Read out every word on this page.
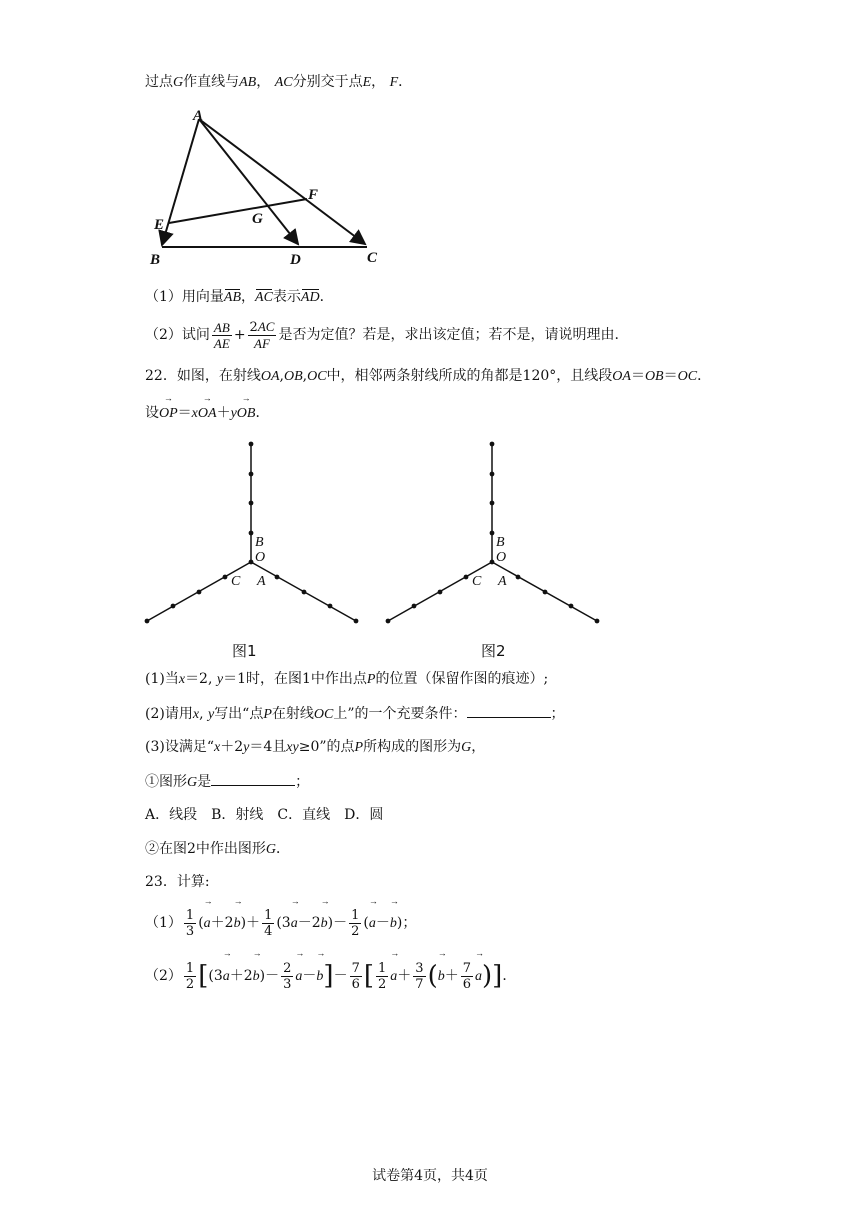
过点G作直线与AB， AC分别交于点E， F．
A
F
E	G
B	D	C
（1）用向量AB，AC表示AD．
（2）试问 $\frac{AB}{AE} + \frac{2AC}{AF}$ 是否为定值？若是，求出该定值；若不是，请说明理由.
22．如图，在射线OA,OB,OC中，相邻两条射线所成的角都是120°，且线段OA＝OB＝OC．
设OP →＝xOA →＋yOB →．
B
O
C A
图1
B
O
C A
图2
(1)当x＝2, y＝1时，在图1中作出点P的位置（保留作图的痕迹）;
(2)请用x, y写出“点P在射线OC上”的一个充要条件：	；
(3)设满足“x＋2y＝4且xy≥0”的点P所构成的图形为G，
①图形G是	；
A．线段　B．射线　C．直线　D．圆
②在图2中作出图形G．
23．计算:
$(1) \frac{1}{3} (a \to+2b$ →)＋ $\frac{1}{4} (3a \to-2b$ →)－ $\frac{1}{2} (a \to-b$ →)；
$(2) \frac{1}{2} [(3a \to+2b$ →)－ $\frac{2}{3}$ a →－b →]－ $\frac{7}{6}$ [ $\frac{1}{2}$ $a \to+ \frac{3}{7} (b \to+ \frac{7}{6}$ a →)]．
试卷第4页，共4页
